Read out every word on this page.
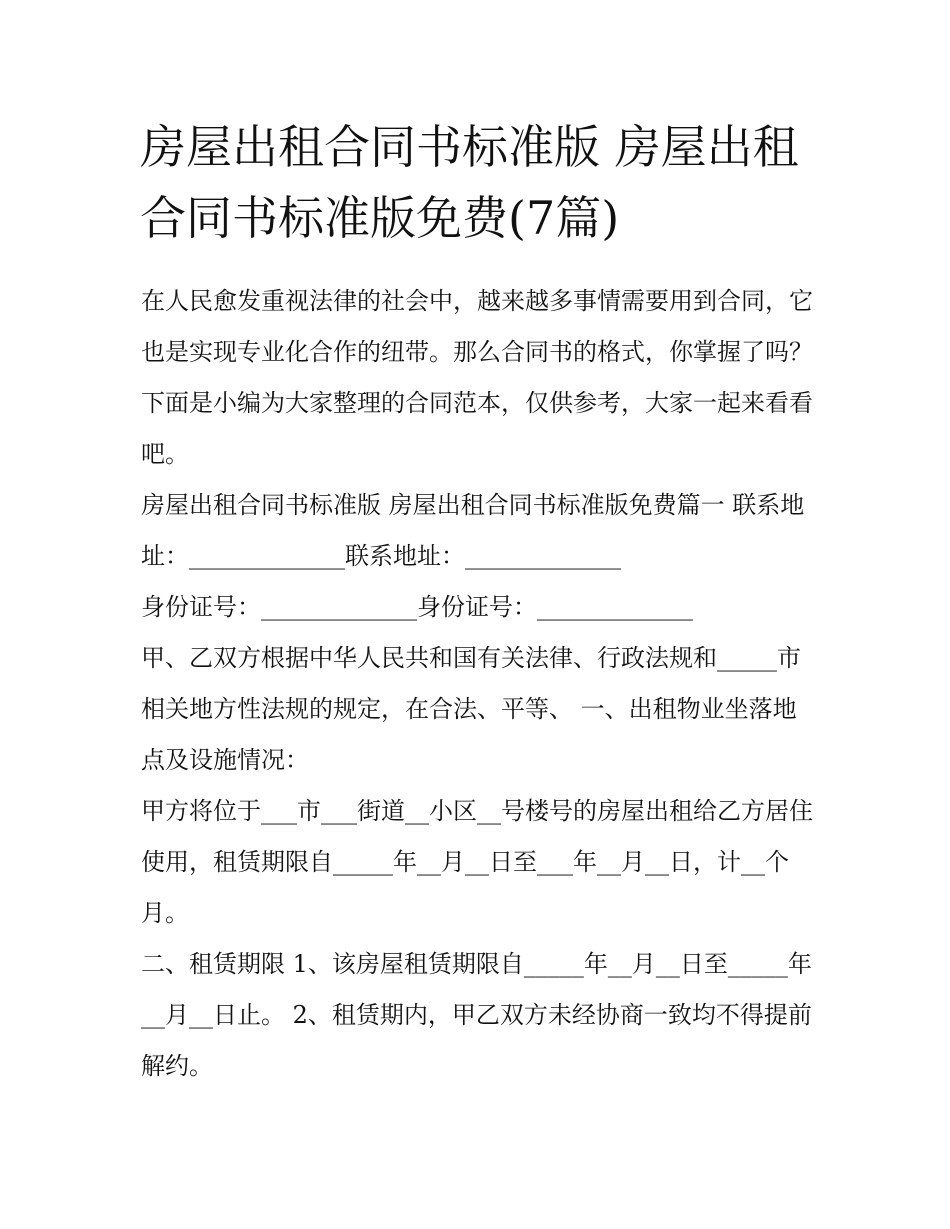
房屋出租合同书标准版 房屋出租合同书标准版免费(7篇)

在人民愈发重视法律的社会中，越来越多事情需要用到合同，它也是实现专业化合作的纽带。那么合同书的格式，你掌握了吗？下面是小编为大家整理的合同范本，仅供参考，大家一起来看看吧。

房屋出租合同书标准版 房屋出租合同书标准版免费篇一 联系地址：_____________联系地址：_____________

身份证号：_____________身份证号：_____________

甲、乙双方根据中华人民共和国有关法律、行政法规和_____市相关地方性法规的规定，在合法、平等、 一、出租物业坐落地点及设施情况：

甲方将位于___市___街道__小区__号楼号的房屋出租给乙方居住使用，租赁期限自_____年__月__日至___年__月__日，计__个月。

二、租赁期限 1、该房屋租赁期限自_____年__月__日至_____年__月__日止。 2、租赁期内，甲乙双方未经协商一致均不得提前解约。
